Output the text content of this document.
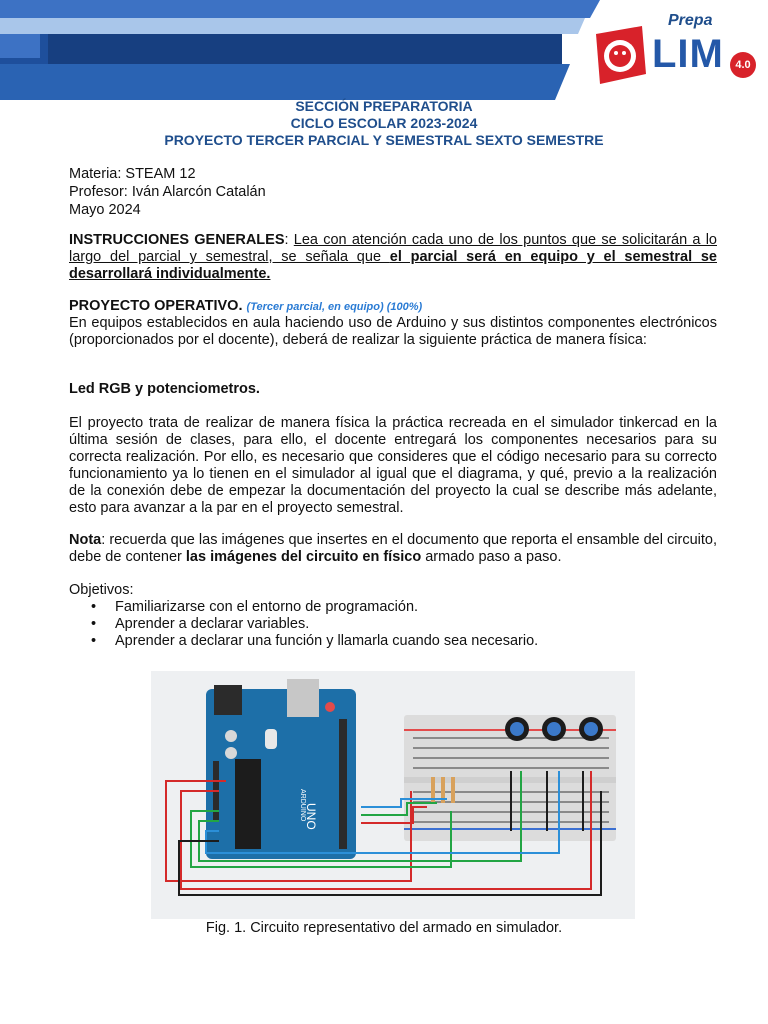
Prepa
LIM	4.0
SECCIÓN PREPARATORIA
CICLO ESCOLAR 2023-2024
PROYECTO TERCER PARCIAL Y SEMESTRAL SEXTO SEMESTRE
Materia: STEAM 12
Profesor: Iván Alarcón Catalán
Mayo 2024
INSTRUCCIONES GENERALES: Lea con atención cada uno de los puntos que se solicitarán a lo largo del parcial y semestral, se señala que el parcial será en equipo y el semestral se desarrollará individualmente.
PROYECTO OPERATIVO. (Tercer parcial, en equipo) (100%)
En equipos establecidos en aula haciendo uso de Arduino y sus distintos componentes electrónicos (proporcionados por el docente), deberá de realizar la siguiente práctica de manera física:
Led RGB y potenciometros.
El proyecto trata de realizar de manera física la práctica recreada en el simulador tinkercad en la última sesión de clases, para ello, el docente entregará los componentes necesarios para su correcta realización. Por ello, es necesario que consideres que el código necesario para su correcto funcionamiento ya lo tienen en el simulador al igual que el diagrama, y qué, previo a la realización de la conexión debe de empezar la documentación del proyecto la cual se describe más adelante, esto para avanzar a la par en el proyecto semestral.
Nota: recuerda que las imágenes que insertes en el documento que reporta el ensamble del circuito, debe de contener las imágenes del circuito en físico armado paso a paso.
Objetivos:
• Familiarizarse con el entorno de programación.
• Aprender a declarar variables.
• Aprender a declarar una función y llamarla cuando sea necesario.
ARDUINO
UNO
Fig. 1. Circuito representativo del armado en simulador.
